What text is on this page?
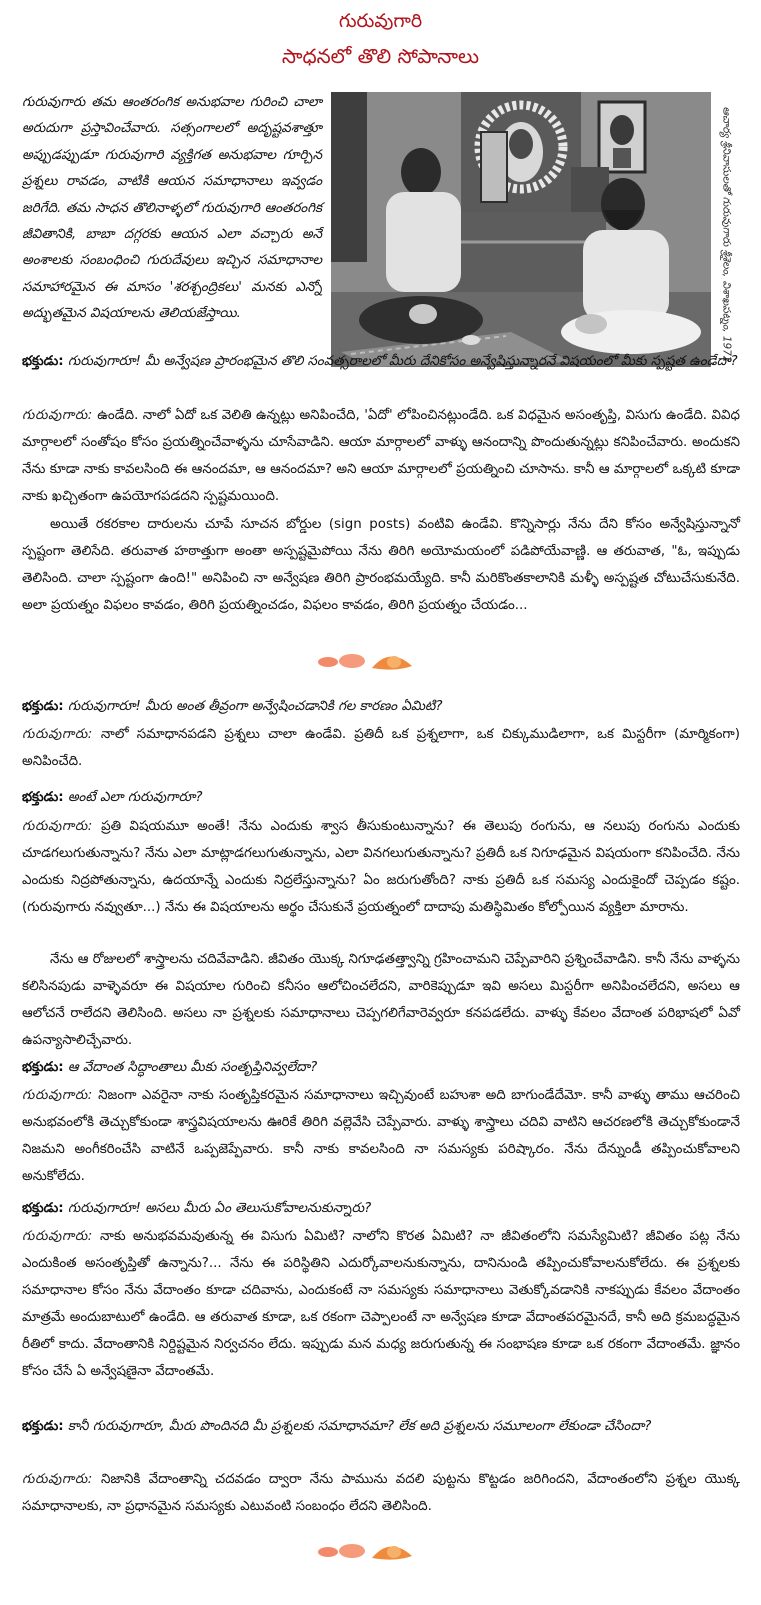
గురువుగారి
సాధనలో తొలి సోపానాలు

గురువుగారు తమ ఆంతరంగిక అనుభవాల గురించి చాలా అరుదుగా ప్రస్తావించేవారు. సత్సంగాలలో అదృష్టవశాత్తూ అప్పుడప్పుడూ గురువుగారి వ్యక్తిగత అనుభవాల గూర్చిన ప్రశ్నలు రావడం, వాటికి ఆయన సమాధానాలు ఇవ్వడం జరిగేది. తమ సాధన తొలినాళ్ళలో గురువుగారి ఆంతరంగిక జీవితానికి, బాబా దగ్గరకు ఆయన ఎలా వచ్చారు అనే అంశాలకు సంబంధించి గురుదేవులు ఇచ్చిన సమాధానాల సమాహారమైన ఈ మాసం 'శరశ్చంద్రికలు' మనకు ఎన్నో అద్భుతమైన విషయాలను తెలియజేస్తాయి.	ఆచార్య శ్రీనివాసులతో గురువుగారు శ్రీశైలం, విశాఖపట్నం, 1972

భక్తుడు: గురువుగారూ! మీ అన్వేషణ ప్రారంభమైన తొలి సంవత్సరాలలో మీరు దేనికోసం అన్వేషిస్తున్నారనే విషయంలో మీకు స్పష్టత ఉండేదా?

గురువుగారు: ఉండేది. నాలో ఏదో ఒక వెలితి ఉన్నట్లు అనిపించేది, 'ఏదో' లోపించినట్లుండేది. ఒక విధమైన అసంతృప్తి, విసుగు ఉండేది. వివిధ మార్గాలలో సంతోషం కోసం ప్రయత్నించేవాళ్ళను చూసేవాడిని. ఆయా మార్గాలలో వాళ్ళు ఆనందాన్ని పొందుతున్నట్లు కనిపించేవారు. అందుకని నేను కూడా నాకు కావలసింది ఈ ఆనందమా, ఆ ఆనందమా? అని ఆయా మార్గాలలో ప్రయత్నించి చూసాను. కానీ ఆ మార్గాలలో ఒక్కటి కూడా నాకు ఖచ్చితంగా ఉపయోగపడదని స్పష్టమయింది.

అయితే రకరకాల దారులను చూపే సూచన బోర్డుల (sign posts) వంటివి ఉండేవి. కొన్నిసార్లు నేను దేని కోసం అన్వేషిస్తున్నానో స్పష్టంగా తెలిసేది. తరువాత హఠాత్తుగా అంతా అస్పష్టమైపోయి నేను తిరిగి అయోమయంలో పడిపోయేవాణ్ణి. ఆ తరువాత, "ఓ, ఇప్పుడు తెలిసింది. చాలా స్పష్టంగా ఉంది!" అనిపించి నా అన్వేషణ తిరిగి ప్రారంభమయ్యేది. కానీ మరికొంతకాలానికి మళ్ళీ అస్పష్టత చోటుచేసుకునేది. అలా ప్రయత్నం విఫలం కావడం, తిరిగి ప్రయత్నించడం, విఫలం కావడం, తిరిగి ప్రయత్నం చేయడం...

భక్తుడు: గురువుగారూ! మీరు అంత తీవ్రంగా అన్వేషించడానికి గల కారణం ఏమిటి?

గురువుగారు: నాలో సమాధానపడని ప్రశ్నలు చాలా ఉండేవి. ప్రతిదీ ఒక ప్రశ్నలాగా, ఒక చిక్కుముడిలాగా, ఒక మిస్టరీగా (మార్మికంగా) అనిపించేది.

భక్తుడు: అంటే ఎలా గురువుగారూ?

గురువుగారు: ప్రతి విషయమూ అంతే! నేను ఎందుకు శ్వాస తీసుకుంటున్నాను? ఈ తెలుపు రంగును, ఆ నలుపు రంగును ఎందుకు చూడగలుగుతున్నాను? నేను ఎలా మాట్లాడగలుగుతున్నాను, ఎలా వినగలుగుతున్నాను? ప్రతిదీ ఒక నిగూఢమైన విషయంగా కనిపించేది. నేను ఎందుకు నిద్రపోతున్నాను, ఉదయాన్నే ఎందుకు నిద్రలేస్తున్నాను? ఏం జరుగుతోంది? నాకు ప్రతిదీ ఒక సమస్య ఎందుకైందో చెప్పడం కష్టం. (గురువుగారు నవ్వుతూ...) నేను ఈ విషయాలను అర్థం చేసుకునే ప్రయత్నంలో దాదాపు మతిస్థిమితం కోల్పోయిన వ్యక్తిలా మారాను.

నేను ఆ రోజులలో శాస్త్రాలను చదివేవాడిని. జీవితం యొక్క నిగూఢతత్త్వాన్ని గ్రహించామని చెప్పేవారిని ప్రశ్నించేవాడిని. కానీ నేను వాళ్ళను కలిసినపుడు వాళ్ళెవరూ ఈ విషయాల గురించి కనీసం ఆలోచించలేదని, వారికెప్పుడూ ఇవి అసలు మిస్టరీగా అనిపించలేదని, అసలు ఆ ఆలోచనే రాలేదని తెలిసింది. అసలు నా ప్రశ్నలకు సమాధానాలు చెప్పగలిగేవారెవ్వరూ కనపడలేదు. వాళ్ళు కేవలం వేదాంత పరిభాషలో ఏవో ఉపన్యాసాలిచ్చేవారు.

భక్తుడు: ఆ వేదాంత సిద్ధాంతాలు మీకు సంతృప్తినివ్వలేదా?

గురువుగారు: నిజంగా ఎవరైనా నాకు సంతృప్తికరమైన సమాధానాలు ఇచ్చివుంటే బహుశా అది బాగుండేదేమో. కానీ వాళ్ళు తాము ఆచరించి అనుభవంలోకి తెచ్చుకోకుండా శాస్త్రవిషయాలను ఊరికే తిరిగి వల్లెవేసి చెప్పేవారు. వాళ్ళు శాస్త్రాలు చదివి వాటిని ఆచరణలోకి తెచ్చుకోకుండానే నిజమని అంగీకరించేసి వాటినే ఒప్పజెప్పేవారు. కానీ నాకు కావలసింది నా సమస్యకు పరిష్కారం. నేను దేన్నుండీ తప్పించుకోవాలని అనుకోలేదు.

భక్తుడు: గురువుగారూ! అసలు మీరు ఏం తెలుసుకోవాలనుకున్నారు?

గురువుగారు: నాకు అనుభవమవుతున్న ఈ విసుగు ఏమిటి? నాలోని కొరత ఏమిటి? నా జీవితంలోని సమస్యేమిటి? జీవితం పట్ల నేను ఎందుకింత అసంతృప్తితో ఉన్నాను?... నేను ఈ పరిస్థితిని ఎదుర్కోవాలనుకున్నాను, దానినుండి తప్పించుకోవాలనుకోలేదు. ఈ ప్రశ్నలకు సమాధానాల కోసం నేను వేదాంతం కూడా చదివాను, ఎందుకంటే నా సమస్యకు సమాధానాలు వెతుక్కోవడానికి నాకప్పుడు కేవలం వేదాంతం మాత్రమే అందుబాటులో ఉండేది. ఆ తరువాత కూడా, ఒక రకంగా చెప్పాలంటే నా అన్వేషణ కూడా వేదాంతపరమైనదే, కానీ అది క్రమబద్ధమైన రీతిలో కాదు. వేదాంతానికి నిర్దిష్టమైన నిర్వచనం లేదు. ఇప్పుడు మన మధ్య జరుగుతున్న ఈ సంభాషణ కూడా ఒక రకంగా వేదాంతమే. జ్ఞానం కోసం చేసే ఏ అన్వేషణైనా వేదాంతమే.

భక్తుడు: కానీ గురువుగారూ, మీరు పొందినది మీ ప్రశ్నలకు సమాధానమా? లేక అది ప్రశ్నలను సమూలంగా లేకుండా చేసిందా?

గురువుగారు: నిజానికి వేదాంతాన్ని చదవడం ద్వారా నేను పామును వదలి పుట్టను కొట్టడం జరిగిందని, వేదాంతంలోని ప్రశ్నల యొక్క సమాధానాలకు, నా ప్రధానమైన సమస్యకు ఎటువంటి సంబంధం లేదని తెలిసింది.
